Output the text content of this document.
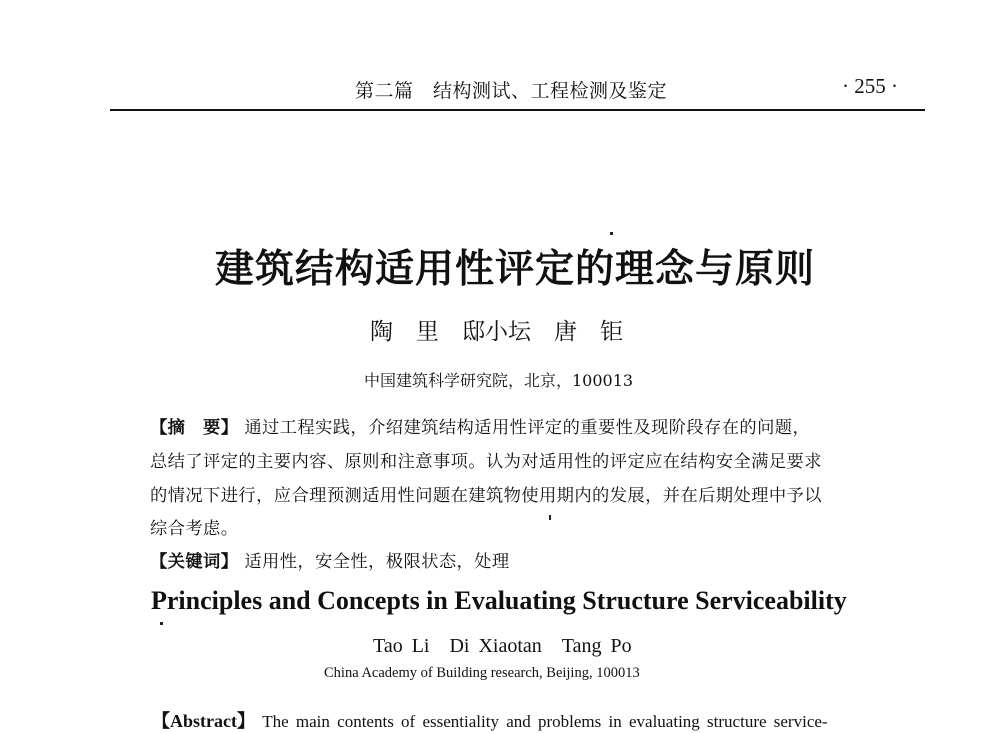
第二篇　结构测试、工程检测及鉴定	· 255 ·
建筑结构适用性评定的理念与原则
陶　里　邸小坛　唐　钜
中国建筑科学研究院，北京，100013
【摘　要】 通过工程实践，介绍建筑结构适用性评定的重要性及现阶段存在的问题，
总结了评定的主要内容、原则和注意事项。认为对适用性的评定应在结构安全满足要求
的情况下进行，应合理预测适用性问题在建筑物使用期内的发展，并在后期处理中予以
综合考虑。
【关键词】 适用性，安全性，极限状态，处理
Principles and Concepts in Evaluating Structure Serviceability
Tao Li　Di Xiaotan　Tang Po
China Academy of Building research, Beijing, 100013
【Abstract】 The main contents of essentiality and problems in evaluating structure service-
